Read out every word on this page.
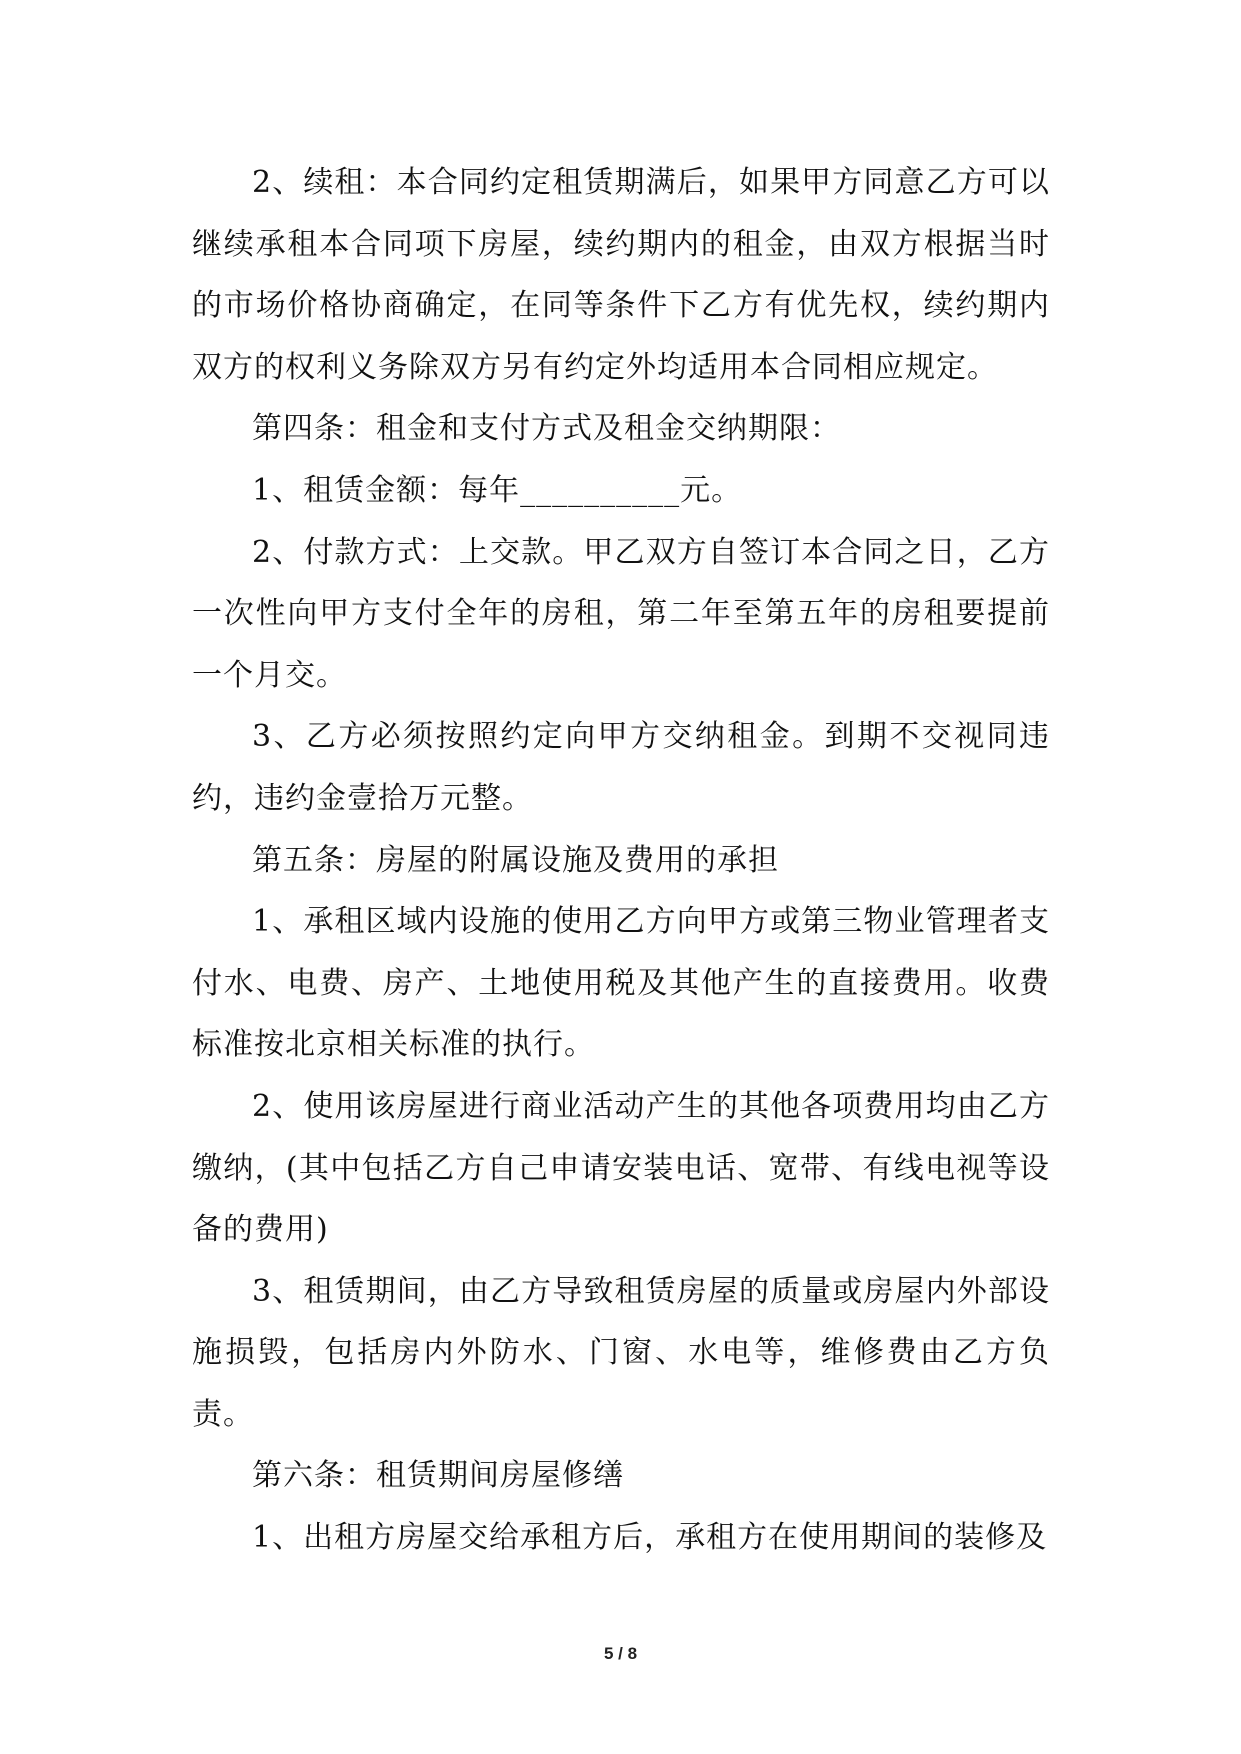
2、续租：本合同约定租赁期满后，如果甲方同意乙方可以继续承租本合同项下房屋，续约期内的租金，由双方根据当时的市场价格协商确定，在同等条件下乙方有优先权，续约期内双方的权利义务除双方另有约定外均适用本合同相应规定。

第四条：租金和支付方式及租金交纳期限：

1、租赁金额：每年__________元。

2、付款方式：上交款。甲乙双方自签订本合同之日，乙方一次性向甲方支付全年的房租，第二年至第五年的房租要提前一个月交。

3、乙方必须按照约定向甲方交纳租金。到期不交视同违约，违约金壹拾万元整。

第五条：房屋的附属设施及费用的承担

1、承租区域内设施的使用乙方向甲方或第三物业管理者支付水、电费、房产、土地使用税及其他产生的直接费用。收费标准按北京相关标准的执行。

2、使用该房屋进行商业活动产生的其他各项费用均由乙方缴纳，(其中包括乙方自己申请安装电话、宽带、有线电视等设备的费用)

3、租赁期间，由乙方导致租赁房屋的质量或房屋内外部设施损毁，包括房内外防水、门窗、水电等，维修费由乙方负责。

第六条：租赁期间房屋修缮

1、出租方房屋交给承租方后，承租方在使用期间的装修及

5 / 8
